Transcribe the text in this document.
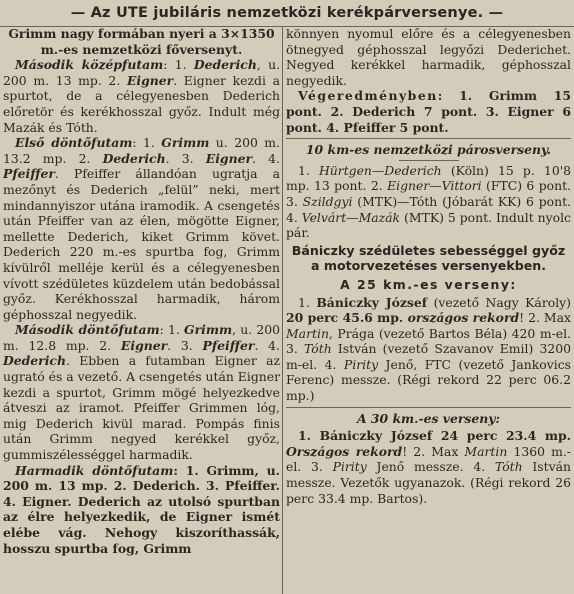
— Az UTE jubiláris nemzetközi kerékpárversenye. —

Grimm nagy formában nyeri a 3×1350 m.-es nemzetközi főversenyt.

Második középfutam: 1. Dederich, u. 200 m. 13 mp. 2. Eigner. Eigner kezdi a spurtot, de a célegyenesben Dederich előretör és kerékhosszal győz. Indult még Mazák és Tóth.

Első döntőfutam: 1. Grimm u. 200 m. 13.2 mp. 2. Dederich. 3. Eigner. 4. Pfeiffer. Pfeiffer állandóan ugratja a mezőnyt és Dederich „felül” neki, mert mindannyiszor utána iramodik. A csengetés után Pfeiffer van az élen, mögötte Eigner, mellette Dederich, kiket Grimm követ. Dederich 220 m.-es spurtba fog, Grimm kívülről melléje kerül és a célegyenesben vívott szédületes küzdelem után bedobással győz. Kerékhosszal harmadik, három géphosszal negyedik.

Második döntőfutam: 1. Grimm, u. 200 m. 12.8 mp. 2. Eigner. 3. Pfeiffer. 4. Dederich. Ebben a futamban Eigner az ugrató és a vezető. A csengetés után Eigner kezdi a spurtot, Grimm mögé helyezkedve átveszi az iramot. Pfeiffer Grimmen lóg, mig Dederich kivül marad. Pompás finis után Grimm negyed kerékkel győz, gummiszélességgel harmadik.

Harmadik döntőfutam: 1. Grimm, u. 200 m. 13 mp. 2. Dederich. 3. Pfeiffer. 4. Eigner. Dederich az utolsó spurtban az élre helyezkedik, de Eigner ismét elébe vág. Nehogy kiszoríthassák, hosszu spurtba fog, Grimm

könnyen nyomul előre és a célegyenesben ötnegyed géphosszal legyőzi Dederichet. Negyed kerékkel harmadik, géphosszal negyedik.

Végeredményben: 1. Grimm 15 pont. 2. Dederich 7 pont. 3. Eigner 6 pont. 4. Pfeiffer 5 pont.

10 km-es nemzetközi párosverseny.

1. Hürtgen—Dederich (Köln) 15 p. 10'8 mp. 13 pont. 2. Eigner—Vittori (FTC) 6 pont. 3. Szildgyi (MTK)—Tóth (Jóbarát KK) 6 pont. 4. Velvárt—Mazák (MTK) 5 pont. Indult nyolc pár.

Bániczky szédületes sebességgel győz a motorvezetéses versenyekben.

A 25 km.-es verseny:

1. Bániczky József (vezető Nagy Károly) 20 perc 45.6 mp. országos rekord! 2. Max Martin, Prága (vezető Bartos Béla) 420 m-el. 3. Tóth István (vezető Szavanov Emil) 3200 m-el. 4. Pirity Jenő, FTC (vezető Jankovics Ferenc) messze. (Régi rekord 22 perc 06.2 mp.)

A 30 km.-es verseny:

1. Bániczky József 24 perc 23.4 mp. Országos rekord! 2. Max Martin 1360 m.-el. 3. Pirity Jenő messze. 4. Tóth István messze. Vezetők ugyanazok. (Régi rekord 26 perc 33.4 mp. Bartos).
